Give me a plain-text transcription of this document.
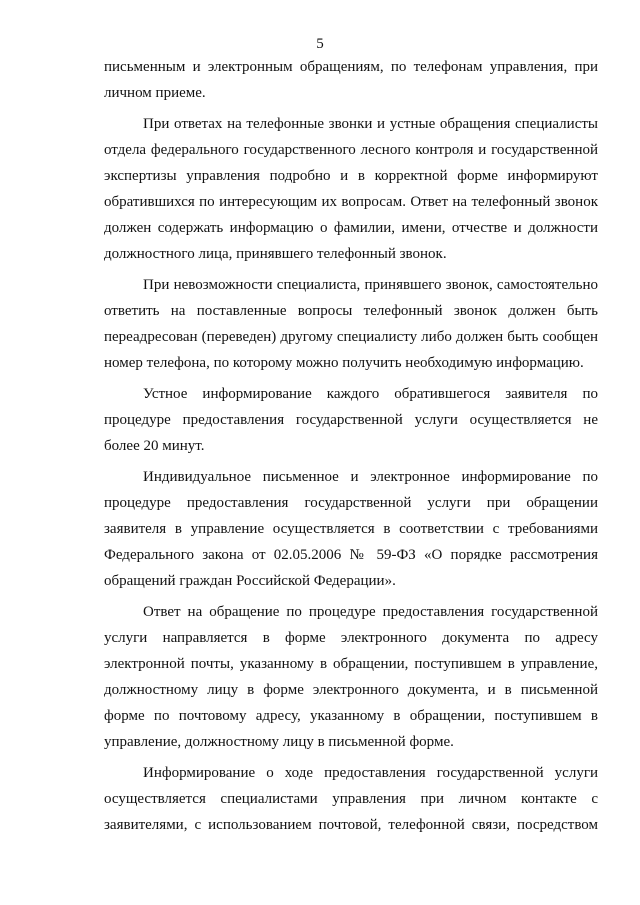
5
письменным и электронным обращениям, по телефонам управления, при
личном приеме.
При ответах на телефонные звонки и устные обращения специалисты
отдела федерального государственного лесного контроля и государственной
экспертизы управления подробно и в корректной форме информируют
обратившихся по интересующим их вопросам. Ответ на телефонный звонок
должен содержать информацию о фамилии, имени, отчестве и должности
должностного лица, принявшего телефонный звонок.
При невозможности специалиста, принявшего звонок, самостоятельно
ответить на поставленные вопросы телефонный звонок должен быть
переадресован (переведен) другому специалисту либо должен быть сообщен
номер телефона, по которому можно получить необходимую информацию.
Устное информирование каждого обратившегося заявителя по
процедуре предоставления государственной услуги осуществляется не
более 20 минут.
Индивидуальное письменное и электронное информирование по
процедуре предоставления государственной услуги при обращении
заявителя в управление осуществляется в соответствии с требованиями
Федерального закона от 02.05.2006 № 59-ФЗ «О порядке рассмотрения
обращений граждан Российской Федерации».
Ответ на обращение по процедуре предоставления государственной
услуги направляется в форме электронного документа по адресу
электронной почты, указанному в обращении, поступившем в управление,
должностному лицу в форме электронного документа, и в письменной
форме по почтовому адресу, указанному в обращении, поступившем в
управление, должностному лицу в письменной форме.
Информирование о ходе предоставления государственной услуги
осуществляется специалистами управления при личном контакте с
заявителями, с использованием почтовой, телефонной связи, посредством
